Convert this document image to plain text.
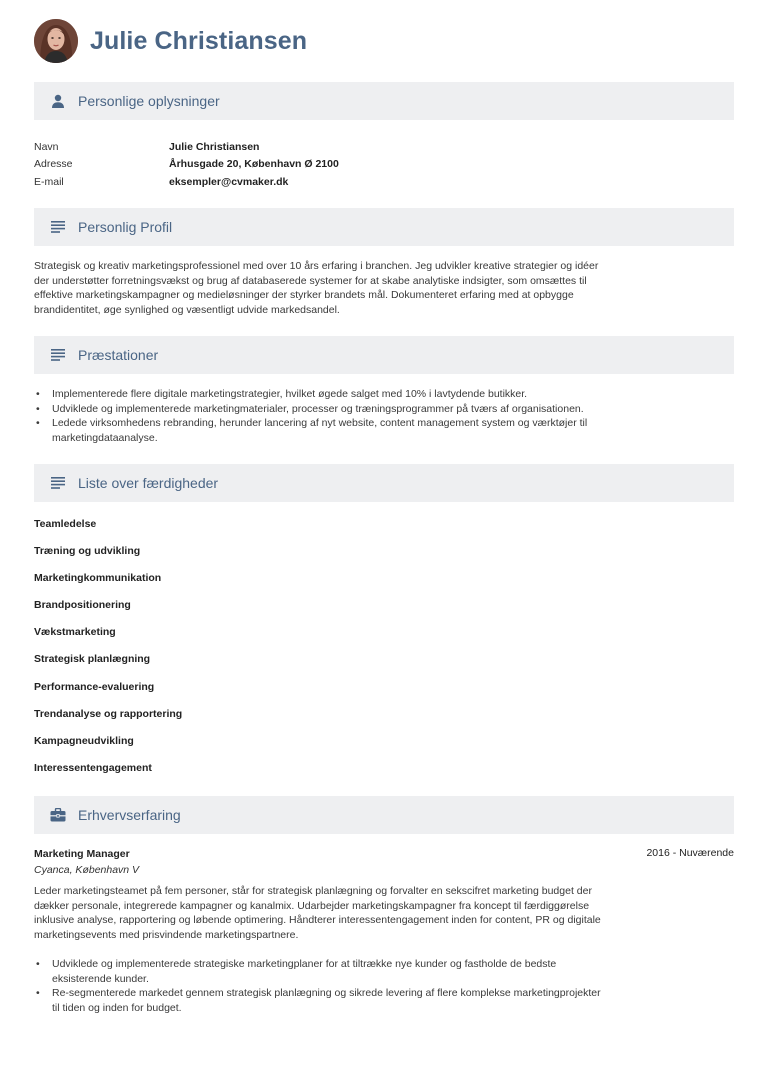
Julie Christiansen
Personlige oplysninger
Navn	Julie Christiansen
Adresse	Århusgade 20, København Ø 2100
E-mail	eksempler@cvmaker.dk
Personlig Profil

Strategisk og kreativ marketingsprofessionel med over 10 års erfaring i branchen. Jeg udvikler kreative strategier og idéer der understøtter forretningsvækst og brug af databaserede systemer for at skabe analytiske indsigter, som omsættes til effektive marketingskampagner og medieløsninger der styrker brandets mål. Dokumenteret erfaring med at opbygge brandidentitet, øge synlighed og væsentligt udvide markedsandel.

Præstationer
• Implementerede flere digitale marketingstrategier, hvilket øgede salget med 10% i lavtydende butikker.
• Udviklede og implementerede marketingmaterialer, processer og træningsprogrammer på tværs af organisationen.
• Ledede virksomhedens rebranding, herunder lancering af nyt website, content management system og værktøjer til marketingdataanalyse.
Liste over færdigheder
Teamledelse
Træning og udvikling
Marketingkommunikation
Brandpositionering
Vækstmarketing
Strategisk planlægning
Performance-evaluering
Trendanalyse og rapportering
Kampagneudvikling
Interessentengagement
Erhvervserfaring
Marketing Manager	2016 - Nuværende
Cyanca, København V

Leder marketingsteamet på fem personer, står for strategisk planlægning og forvalter en sekscifret marketing budget der dækker personale, integrerede kampagner og kanalmix. Udarbejder marketingskampagner fra koncept til færdiggørelse inklusive analyse, rapportering og løbende optimering. Håndterer interessentengagement inden for content, PR og digitale marketingsevents med prisvindende marketingspartnere.

• Udviklede og implementerede strategiske marketingplaner for at tiltrække nye kunder og fastholde de bedste eksisterende kunder.
• Re-segmenterede markedet gennem strategisk planlægning og sikrede levering af flere komplekse marketingprojekter til tiden og inden for budget.
